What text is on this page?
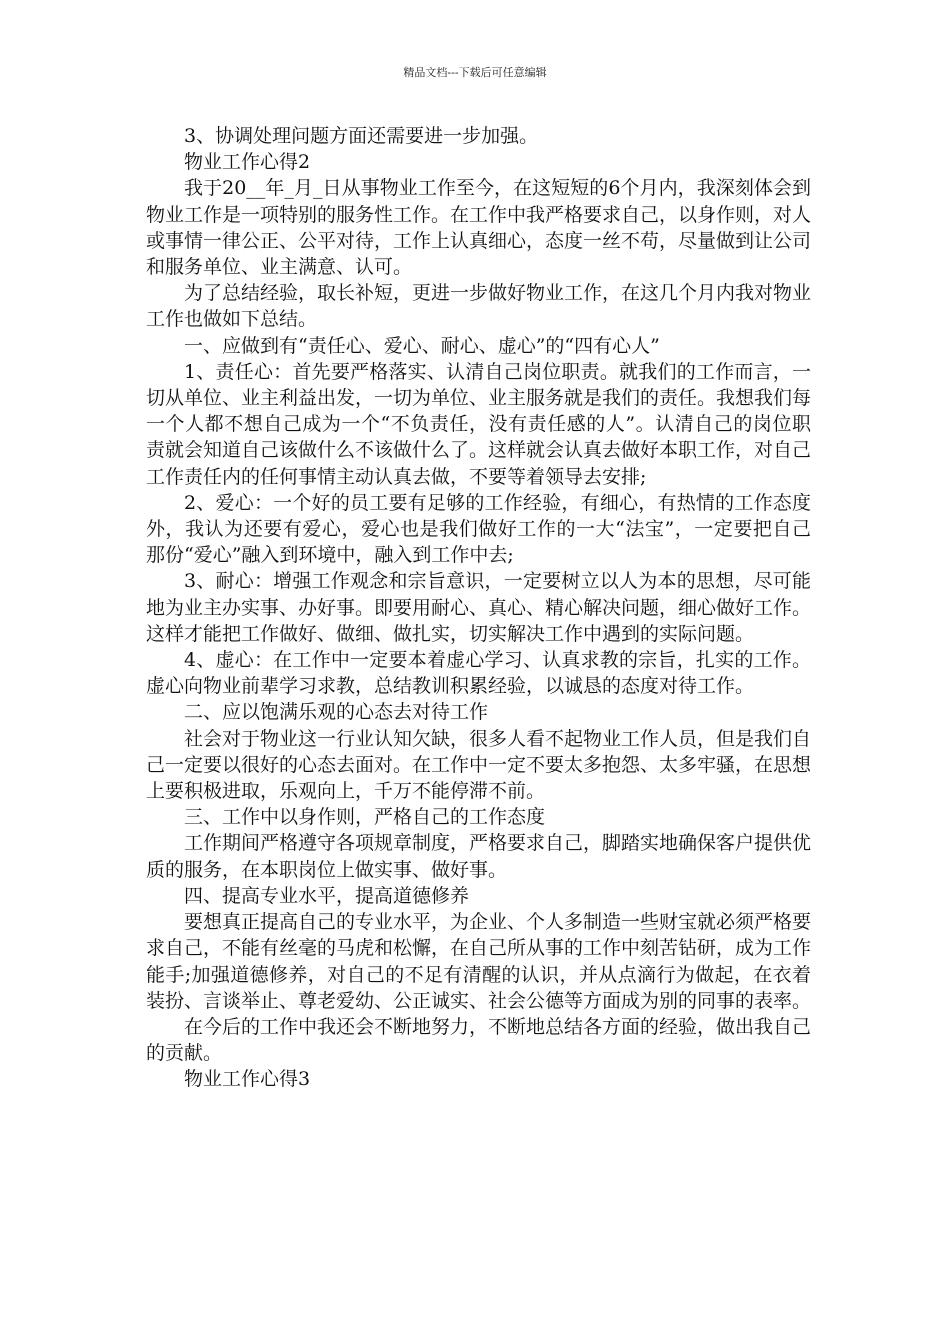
精品文档---下载后可任意编辑

3、协调处理问题方面还需要进一步加强。

物业工作心得2

我于20__年_月_日从事物业工作至今，在这短短的6个月内，我深刻体会到物业工作是一项特别的服务性工作。在工作中我严格要求自己，以身作则，对人或事情一律公正、公平对待，工作上认真细心，态度一丝不苟，尽量做到让公司和服务单位、业主满意、认可。

为了总结经验，取长补短，更进一步做好物业工作，在这几个月内我对物业工作也做如下总结。

一、应做到有“责任心、爱心、耐心、虚心”的“四有心人”

1、责任心：首先要严格落实、认清自己岗位职责。就我们的工作而言，一切从单位、业主利益出发，一切为单位、业主服务就是我们的责任。我想我们每一个人都不想自己成为一个“不负责任，没有责任感的人”。认清自己的岗位职责就会知道自己该做什么不该做什么了。这样就会认真去做好本职工作，对自己工作责任内的任何事情主动认真去做，不要等着领导去安排;

2、爱心：一个好的员工要有足够的工作经验，有细心，有热情的工作态度外，我认为还要有爱心，爱心也是我们做好工作的一大“法宝”，一定要把自己那份“爱心”融入到环境中，融入到工作中去;

3、耐心：增强工作观念和宗旨意识，一定要树立以人为本的思想，尽可能地为业主办实事、办好事。即要用耐心、真心、精心解决问题，细心做好工作。这样才能把工作做好、做细、做扎实，切实解决工作中遇到的实际问题。

4、虚心：在工作中一定要本着虚心学习、认真求教的宗旨，扎实的工作。虚心向物业前辈学习求教，总结教训积累经验，以诚恳的态度对待工作。

二、应以饱满乐观的心态去对待工作

社会对于物业这一行业认知欠缺，很多人看不起物业工作人员，但是我们自己一定要以很好的心态去面对。在工作中一定不要太多抱怨、太多牢骚，在思想上要积极进取，乐观向上，千万不能停滞不前。

三、工作中以身作则，严格自己的工作态度

工作期间严格遵守各项规章制度，严格要求自己，脚踏实地确保客户提供优质的服务，在本职岗位上做实事、做好事。

四、提高专业水平，提高道德修养

要想真正提高自己的专业水平，为企业、个人多制造一些财宝就必须严格要求自己，不能有丝毫的马虎和松懈，在自己所从事的工作中刻苦钻研，成为工作能手;加强道德修养，对自己的不足有清醒的认识，并从点滴行为做起，在衣着装扮、言谈举止、尊老爱幼、公正诚实、社会公德等方面成为别的同事的表率。

在今后的工作中我还会不断地努力，不断地总结各方面的经验，做出我自己的贡献。

物业工作心得3
